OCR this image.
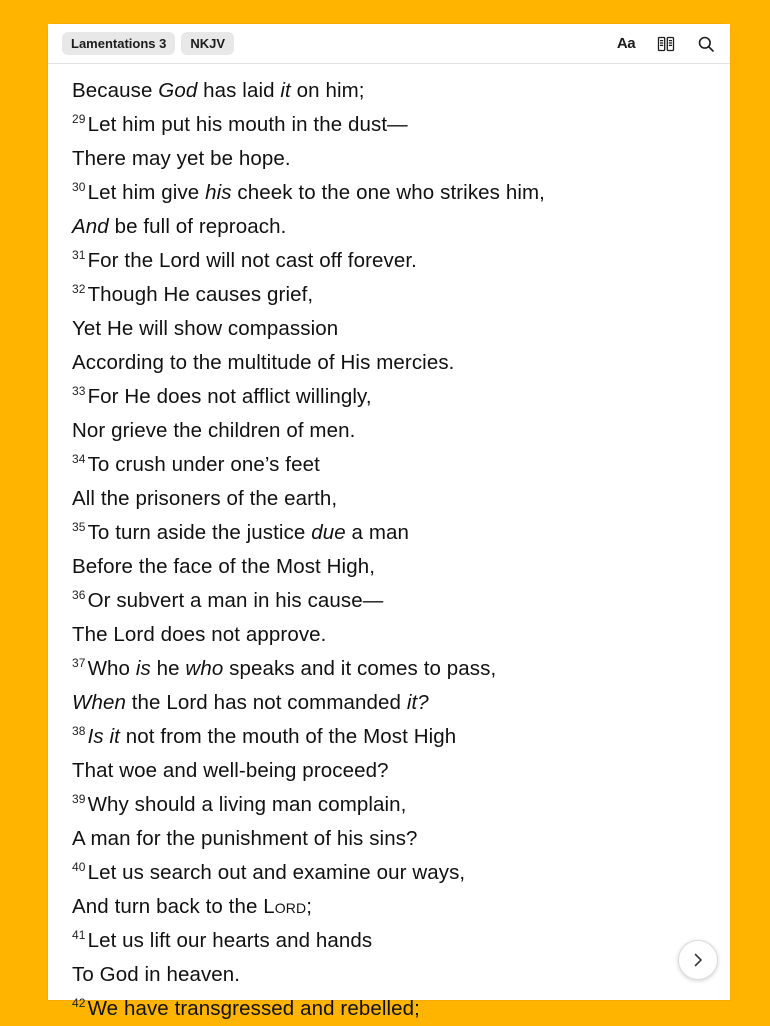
Lamentations 3	NKJV	Aa
Because God has laid it on him;
$^{29}$Let him put his mouth in the dust—
There may yet be hope.
$^{30}$Let him give his cheek to the one who strikes him,
And be full of reproach.
$^{31}$For the Lord will not cast off forever.
$^{32}$Though He causes grief,
Yet He will show compassion
According to the multitude of His mercies.
$^{33}$For He does not afflict willingly,
Nor grieve the children of men.
$^{34}$To crush under one’s feet
All the prisoners of the earth,
$^{35}$To turn aside the justice due a man
Before the face of the Most High,
$^{36}$Or subvert a man in his cause—
The Lord does not approve.
$^{37}$Who is he who speaks and it comes to pass,
When the Lord has not commanded it?
$^{38}$Is it not from the mouth of the Most High
That woe and well-being proceed?
$^{39}$Why should a living man complain,
A man for the punishment of his sins?
$^{40}$Let us search out and examine our ways,
And turn back to the Lord;
$^{41}$Let us lift our hearts and hands
To God in heaven.
$^{42}$We have transgressed and rebelled;
